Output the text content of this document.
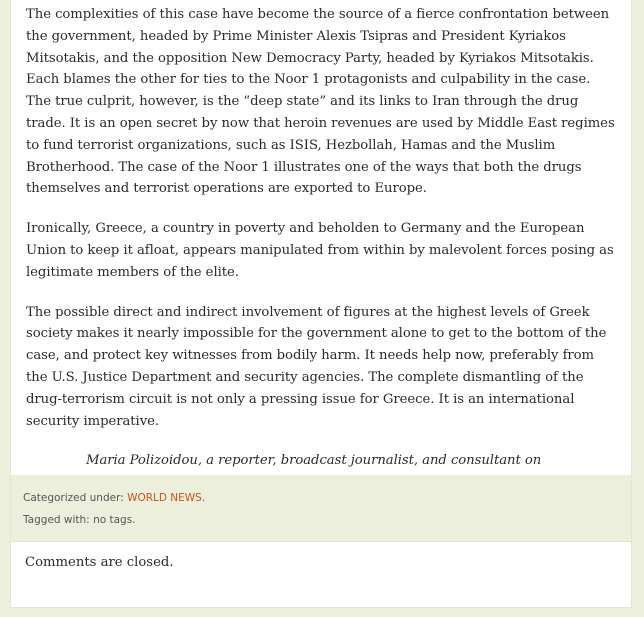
The complexities of this case have become the source of a fierce confrontation between the government, headed by Prime Minister Alexis Tsipras and President Kyriakos Mitsotakis, and the opposition New Democracy Party, headed by Kyriakos Mitsotakis. Each blames the other for ties to the Noor 1 protagonists and culpability in the case. The true culprit, however, is the “deep state” and its links to Iran through the drug trade. It is an open secret by now that heroin revenues are used by Middle East regimes to fund terrorist organizations, such as ISIS, Hezbollah, Hamas and the Muslim Brotherhood. The case of the Noor 1 illustrates one of the ways that both the drugs themselves and terrorist operations are exported to Europe.

Ironically, Greece, a country in poverty and beholden to Germany and the European Union to keep it afloat, appears manipulated from within by malevolent forces posing as legitimate members of the elite.

The possible direct and indirect involvement of figures at the highest levels of Greek society makes it nearly impossible for the government alone to get to the bottom of the case, and protect key witnesses from bodily harm. It needs help now, preferably from the U.S. Justice Department and security agencies. The complete dismantling of the drug-terrorism circuit is not only a pressing issue for Greece. It is an international security imperative.

Maria Polizoidou, a reporter, broadcast journalist, and consultant on

Categorized under: WORLD NEWS.
Tagged with: no tags.
Comments are closed.
